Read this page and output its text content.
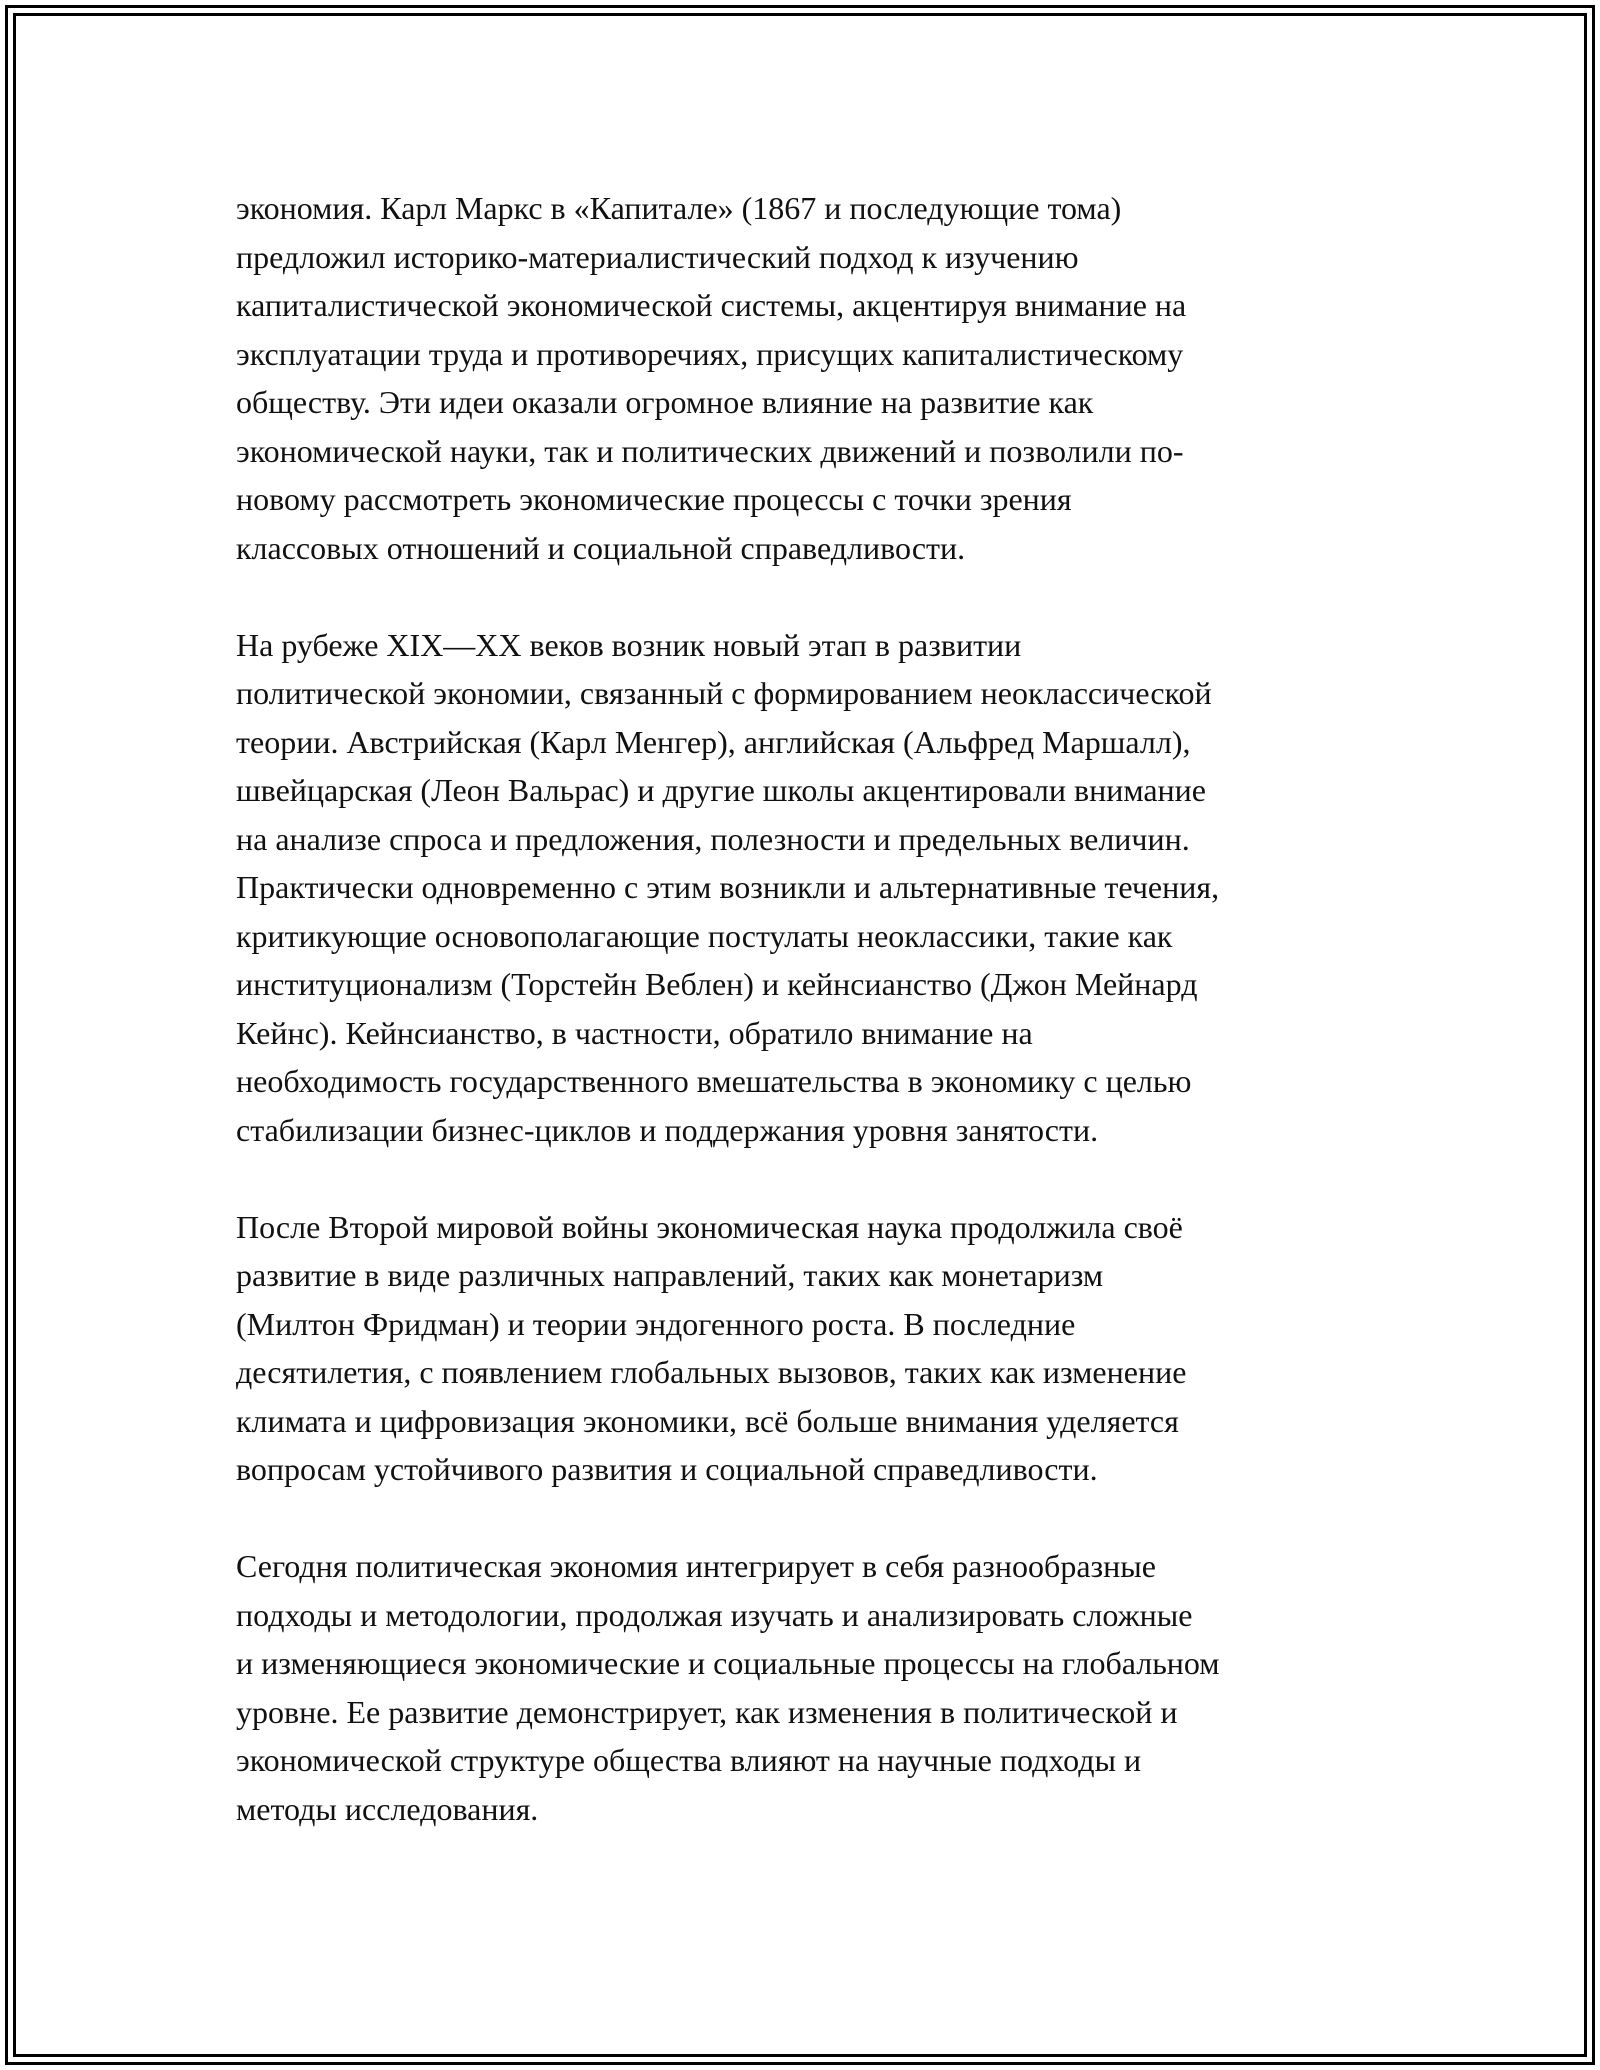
экономия. Карл Маркс в «Капитале» (1867 и последующие тома)
предложил историко-материалистический подход к изучению
капиталистической экономической системы, акцентируя внимание на
эксплуатации труда и противоречиях, присущих капиталистическому
обществу. Эти идеи оказали огромное влияние на развитие как
экономической науки, так и политических движений и позволили по-
новому рассмотреть экономические процессы с точки зрения
классовых отношений и социальной справедливости.

На рубеже XIX—XX веков возник новый этап в развитии
политической экономии, связанный с формированием неоклассической
теории. Австрийская (Карл Менгер), английская (Альфред Маршалл),
швейцарская (Леон Вальрас) и другие школы акцентировали внимание
на анализе спроса и предложения, полезности и предельных величин.
Практически одновременно с этим возникли и альтернативные течения,
критикующие основополагающие постулаты неоклассики, такие как
институционализм (Торстейн Веблен) и кейнсианство (Джон Мейнард
Кейнс). Кейнсианство, в частности, обратило внимание на
необходимость государственного вмешательства в экономику с целью
стабилизации бизнес-циклов и поддержания уровня занятости.

После Второй мировой войны экономическая наука продолжила своё
развитие в виде различных направлений, таких как монетаризм
(Милтон Фридман) и теории эндогенного роста. В последние
десятилетия, с появлением глобальных вызовов, таких как изменение
климата и цифровизация экономики, всё больше внимания уделяется
вопросам устойчивого развития и социальной справедливости.

Сегодня политическая экономия интегрирует в себя разнообразные
подходы и методологии, продолжая изучать и анализировать сложные
и изменяющиеся экономические и социальные процессы на глобальном
уровне. Ее развитие демонстрирует, как изменения в политической и
экономической структуре общества влияют на научные подходы и
методы исследования.
